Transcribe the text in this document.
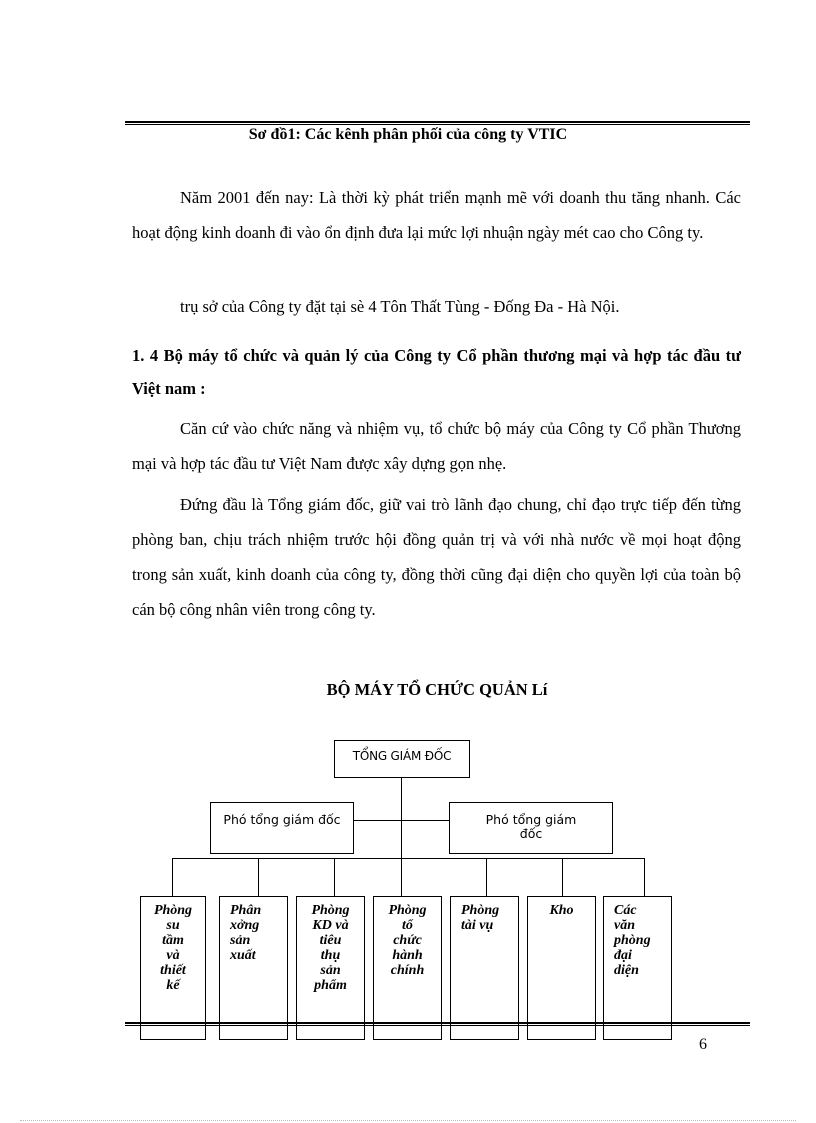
Sơ đồ1: Các kênh phân phối của công ty VTIC
Năm 2001 đến nay: Là thời kỳ phát triển mạnh mẽ với doanh thu tăng nhanh. Các hoạt động kinh doanh đi vào ổn định đưa lại mức lợi nhuận ngày mét cao cho Công ty.
trụ sở của Công ty đặt tại sè 4 Tôn Thất Tùng - Đống Đa - Hà Nội.
1. 4 Bộ máy tổ chức và quản lý của Công ty Cổ phần thương mại và hợp tác đầu tư Việt nam :
Căn cứ vào chức năng và nhiệm vụ, tổ chức bộ máy của Công ty Cổ phần Thương mại và hợp tác đầu tư Việt Nam được xây dựng gọn nhẹ.
Đứng đầu là Tổng giám đốc, giữ vai trò lãnh đạo chung, chỉ đạo trực tiếp đến từng phòng ban, chịu trách nhiệm trước hội đồng quản trị và với nhà nước về mọi hoạt động trong sản xuất, kinh doanh của công ty, đồng thời cũng đại diện cho quyền lợi của toàn bộ cán bộ công nhân viên trong công ty.
BỘ MÁY TỔ CHỨC QUẢN Lí
TỔNG GIÁM ĐỐC
Phó tổng giám đốc	Phó tổng giám
đốc
Phòng
su
tầm
và
thiết
kế
Phân
xởng
sản
xuất
Phòng
KD và
tiêu
thụ
sản
phẩm
Phòng
tổ
chức
hành
chính
Phòng
tài vụ
Kho	Các
văn
phòng
đại
diện
6
